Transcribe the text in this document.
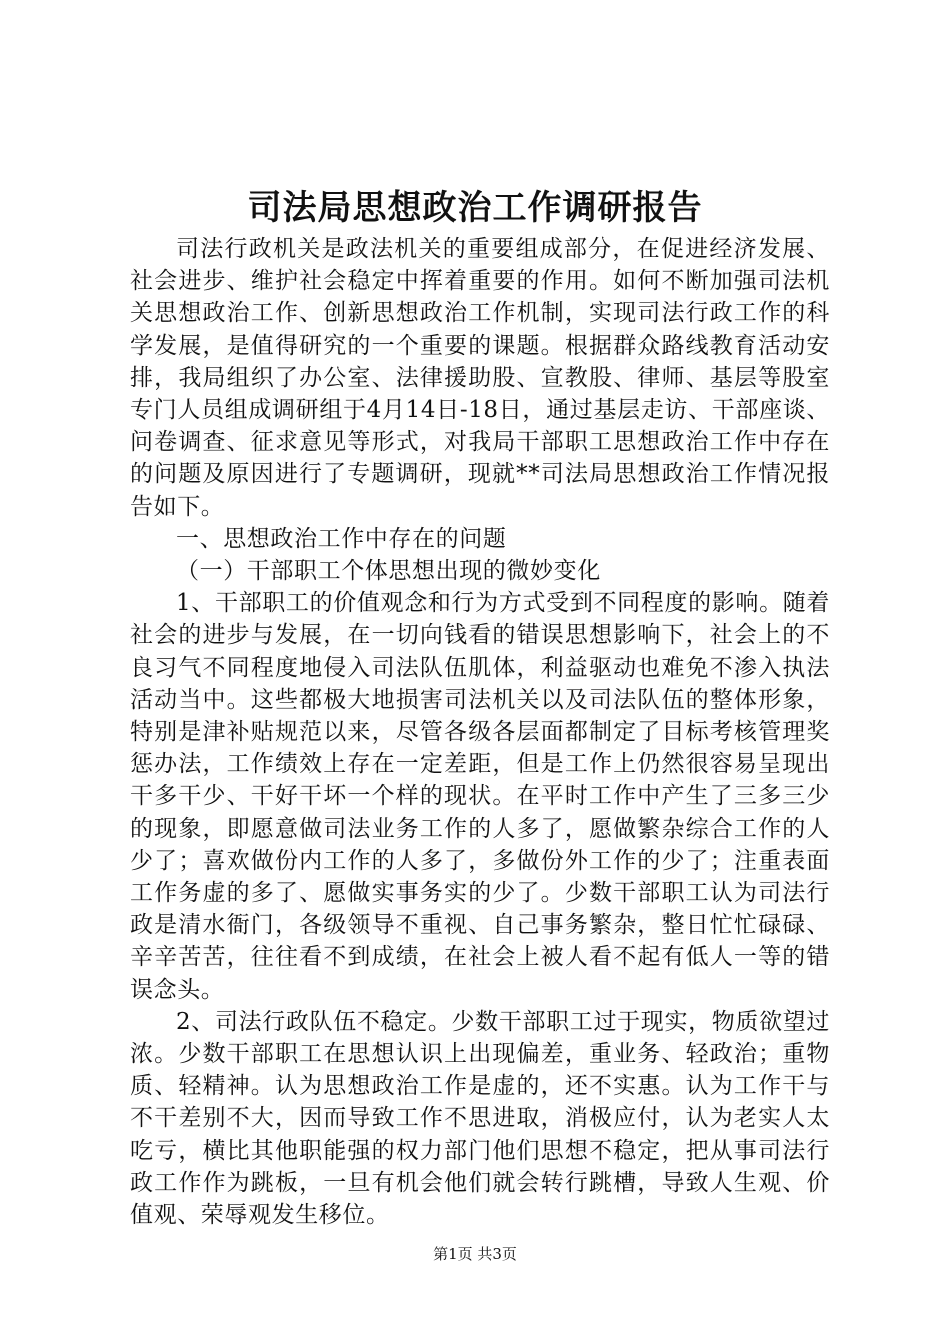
司法局思想政治工作调研报告

司法行政机关是政法机关的重要组成部分，在促进经济发展、社会进步、维护社会稳定中挥着重要的作用。如何不断加强司法机关思想政治工作、创新思想政治工作机制，实现司法行政工作的科学发展，是值得研究的一个重要的课题。根据群众路线教育活动安排，我局组织了办公室、法律援助股、宣教股、律师、基层等股室专门人员组成调研组于4月14日-18日，通过基层走访、干部座谈、问卷调查、征求意见等形式，对我局干部职工思想政治工作中存在的问题及原因进行了专题调研，现就**司法局思想政治工作情况报告如下。

一、思想政治工作中存在的问题

（一）干部职工个体思想出现的微妙变化

1、干部职工的价值观念和行为方式受到不同程度的影响。随着社会的进步与发展，在一切向钱看的错误思想影响下，社会上的不良习气不同程度地侵入司法队伍肌体，利益驱动也难免不渗入执法活动当中。这些都极大地损害司法机关以及司法队伍的整体形象，特别是津补贴规范以来，尽管各级各层面都制定了目标考核管理奖惩办法，工作绩效上存在一定差距，但是工作上仍然很容易呈现出干多干少、干好干坏一个样的现状。在平时工作中产生了三多三少的现象，即愿意做司法业务工作的人多了，愿做繁杂综合工作的人少了；喜欢做份内工作的人多了，多做份外工作的少了；注重表面工作务虚的多了、愿做实事务实的少了。少数干部职工认为司法行政是清水衙门，各级领导不重视、自己事务繁杂，整日忙忙碌碌、辛辛苦苦，往往看不到成绩，在社会上被人看不起有低人一等的错误念头。

2、司法行政队伍不稳定。少数干部职工过于现实，物质欲望过浓。少数干部职工在思想认识上出现偏差，重业务、轻政治；重物质、轻精神。认为思想政治工作是虚的，还不实惠。认为工作干与不干差别不大，因而导致工作不思进取，消极应付，认为老实人太吃亏，横比其他职能强的权力部门他们思想不稳定，把从事司法行政工作作为跳板，一旦有机会他们就会转行跳槽，导致人生观、价值观、荣辱观发生移位。

第1页 共3页
